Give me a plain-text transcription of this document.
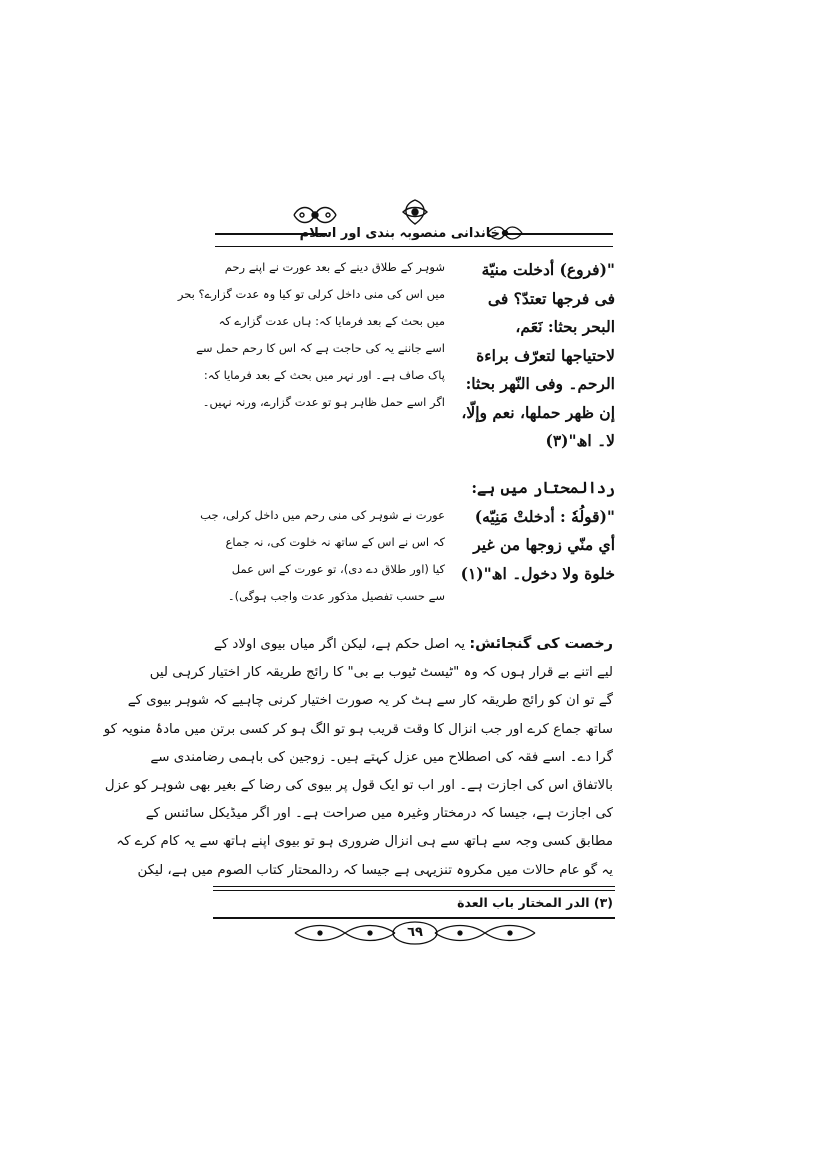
خاندانی منصوبہ بندی اور اسلام
"(فروع) أدخلت منيّة
فی فرجها تعتدّ؟ فی
البحر بحثا: نَعَم،
لاحتياجها لتعرّف براءة
الرحم۔ وفی النّهر بحثا:
إن ظهر حملها، نعم وإلّا،
لا۔ اھ"(٣)
شوہر کے طلاق دینے کے بعد عورت نے اپنے رحم
میں اس کی منی داخل کرلی تو کیا وہ عدت گزارے؟ بحر
میں بحث کے بعد فرمایا کہ: ہاں عدت گزارے کہ
اسے جاننے یہ کی حاجت ہے کہ اس کا رحم حمل سے
پاک صاف ہے۔ اور نہر میں بحث کے بعد فرمایا کہ:
اگر اسے حمل ظاہر ہو تو عدت گزارے، ورنہ نہیں۔
ردالمحتار میں ہے:
"(قولُهٗ : أدخلتْ مَنِيّه)
أي منّي زوجها من غير
خلوة ولا دخول۔ اھ"(١)
عورت نے شوہر کی منی رحم میں داخل کرلی، جب
کہ اس نے اس کے ساتھ نہ خلوت کی، نہ جماع
کیا (اور طلاق دے دی)، تو عورت کے اس عمل
سے حسب تفصیل مذکور عدت واجب ہوگی)۔
رخصت کی گنجائش: یہ اصل حکم ہے، لیکن اگر میاں بیوی اولاد کے
لیے اتنے بے قرار ہوں کہ وہ "ٹیسٹ ٹیوب بے بی" کا رائج طریقہ کار اختیار کرہی لیں
گے تو ان کو رائج طریقہ کار سے ہٹ کر یہ صورت اختیار کرنی چاہیے کہ شوہر بیوی کے
ساتھ جماع کرے اور جب انزال کا وقت قریب ہو تو الگ ہو کر کسی برتن میں مادۂ منویہ کو
گرا دے۔ اسے فقہ کی اصطلاح میں عزل کہتے ہیں۔ زوجین کی باہمی رضامندی سے
بالاتفاق اس کی اجازت ہے۔ اور اب تو ایک قول پر بیوی کی رضا کے بغیر بھی شوہر کو عزل
کی اجازت ہے، جیسا کہ درمختار وغیرہ میں صراحت ہے۔ اور اگر میڈیکل سائنس کے
مطابق کسی وجہ سے ہاتھ سے ہی انزال ضروری ہو تو بیوی اپنے ہاتھ سے یہ کام کرے کہ
یہ گو عام حالات میں مکروہ تنزیہی ہے جیسا کہ ردالمحتار کتاب الصوم میں ہے، لیکن
(٣) الدر المختار باب العدة
٦٩
